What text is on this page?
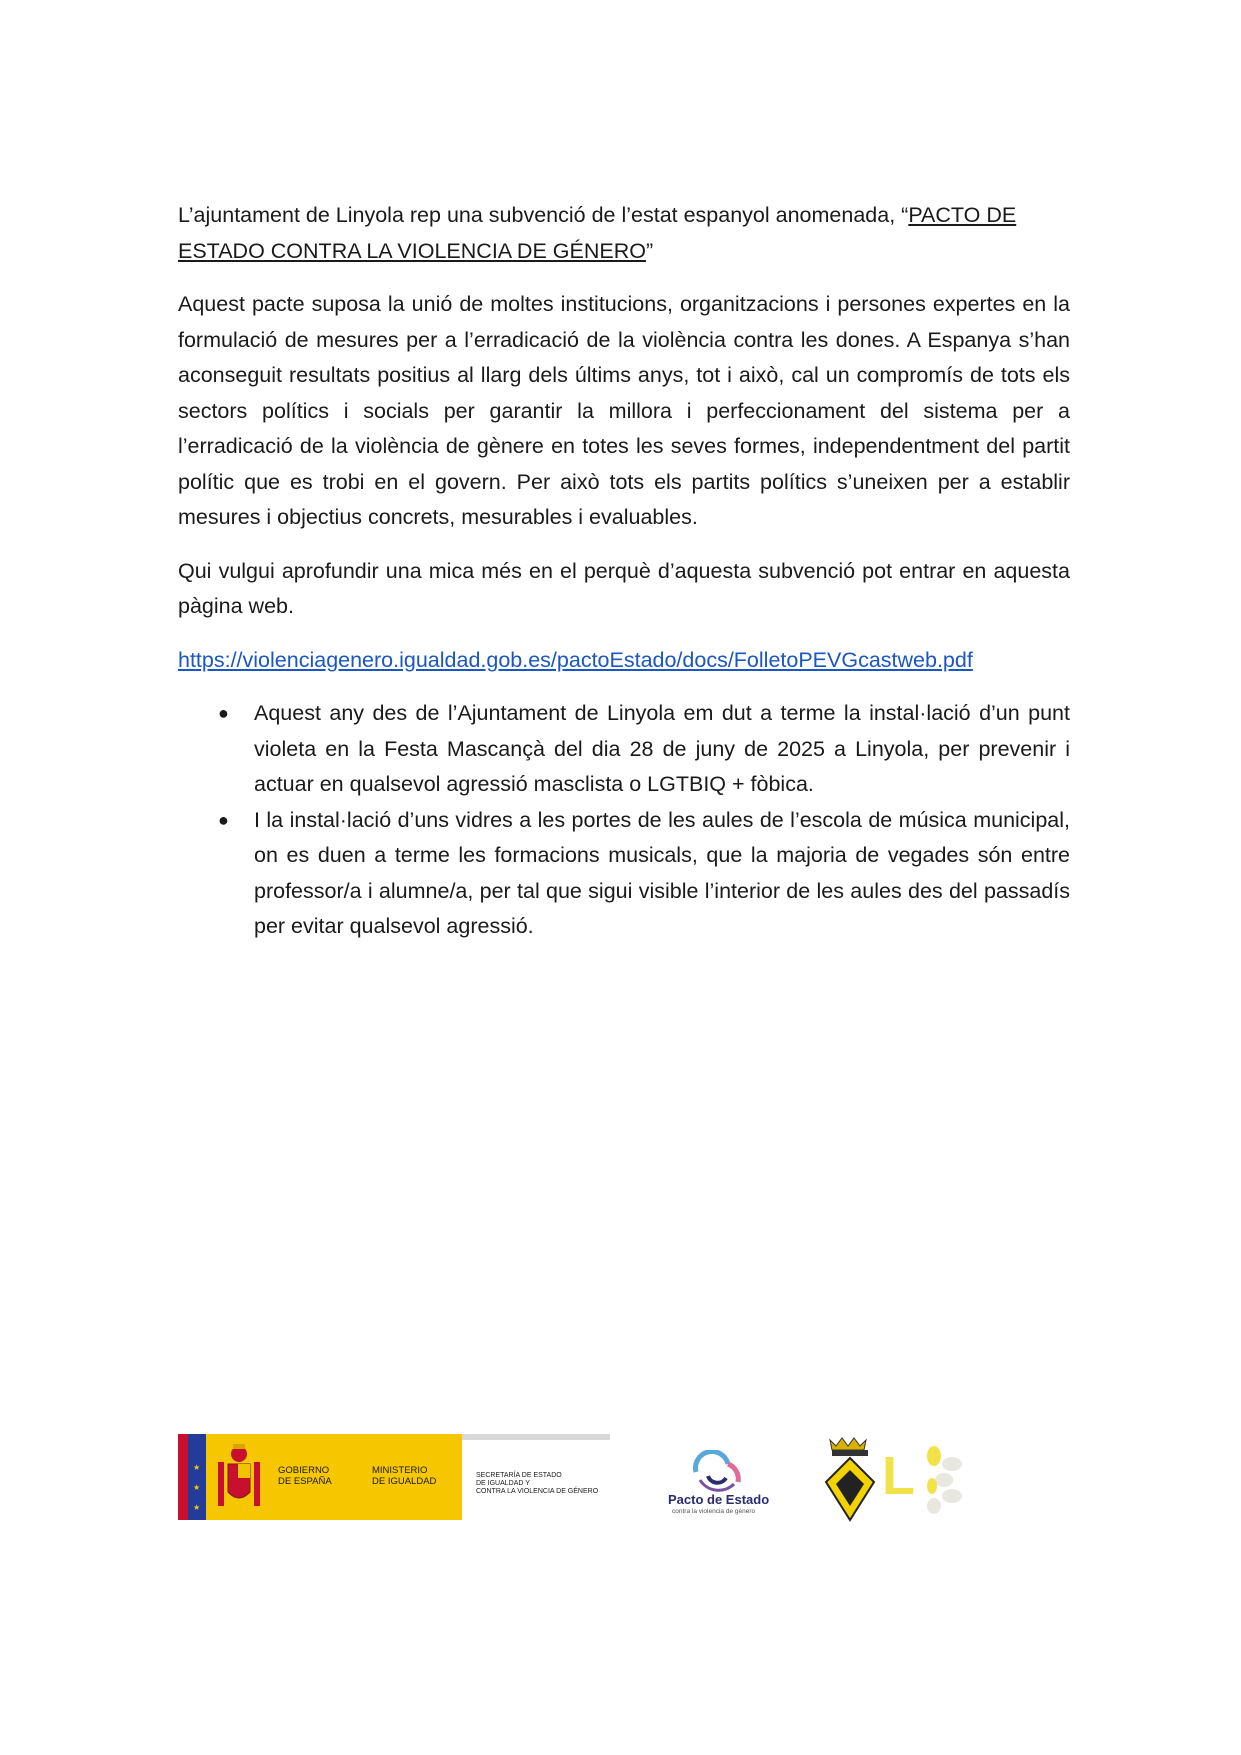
L’ajuntament de Linyola rep una subvenció de l’estat espanyol anomenada, “PACTO DE ESTADO CONTRA LA VIOLENCIA DE GÉNERO”

Aquest pacte suposa la unió de moltes institucions, organitzacions i persones expertes en la formulació de mesures per a l’erradicació de la violència contra les dones. A Espanya s’han aconseguit resultats positius al llarg dels últims anys, tot i això, cal un compromís de tots els sectors polítics i socials per garantir la millora i perfeccionament del sistema per a l’erradicació de la violència de gènere en totes les seves formes, independentment del partit polític que es trobi en el govern. Per això tots els partits polítics s’uneixen per a establir mesures i objectius concrets, mesurables i evaluables.

Qui vulgui aprofundir una mica més en el perquè d’aquesta subvenció pot entrar en aquesta pàgina web.

https://violenciagenero.igualdad.gob.es/pactoEstado/docs/FolletoPEVGcastweb.pdf

● Aquest any des de l’Ajuntament de Linyola em dut a terme la instal·lació d’un punt violeta en la Festa Mascançà del dia 28 de juny de 2025 a Linyola, per prevenir i actuar en qualsevol agressió masclista o LGTBIQ + fòbica.
● I la instal·lació d’uns vidres a les portes de les aules de l’escola de música municipal, on es duen a terme les formacions musicals, que la majoria de vegades són entre professor/a i alumne/a, per tal que sigui visible l’interior de les aules des del passadís per evitar qualsevol agressió.
★
★
★
GOBIERNO
DE ESPAÑA
MINISTERIO
DE IGUALDAD
SECRETARÍA DE ESTADO
DE IGUALDAD Y
CONTRA LA VIOLENCIA DE GÉNERO
Pacto de Estado
contra la violencia de género
L
